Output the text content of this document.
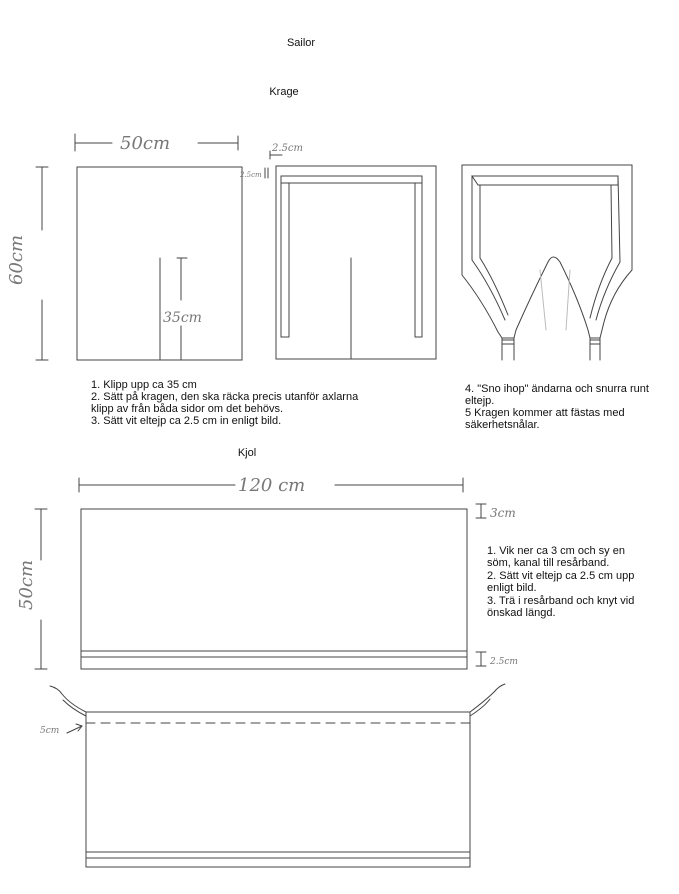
50cm
60cm
35cm
2.5cm
2.5cm
120 cm
50cm
3cm
2.5cm
5cm
Sailor
Krage
1. Klipp upp ca 35 cm
2. Sätt på kragen, den ska räcka precis utanför axlarna
klipp av från båda sidor om det behövs.
3. Sätt vit eltejp ca 2.5 cm in enligt bild.
4. "Sno ihop" ändarna och snurra runt
eltejp.
5 Kragen kommer att fästas med
säkerhetsnålar.
Kjol
1. Vik ner ca 3 cm och sy en
söm, kanal till resårband.
2. Sätt vit eltejp ca 2.5 cm upp
enligt bild.
3. Trä i resårband och knyt vid
önskad längd.
